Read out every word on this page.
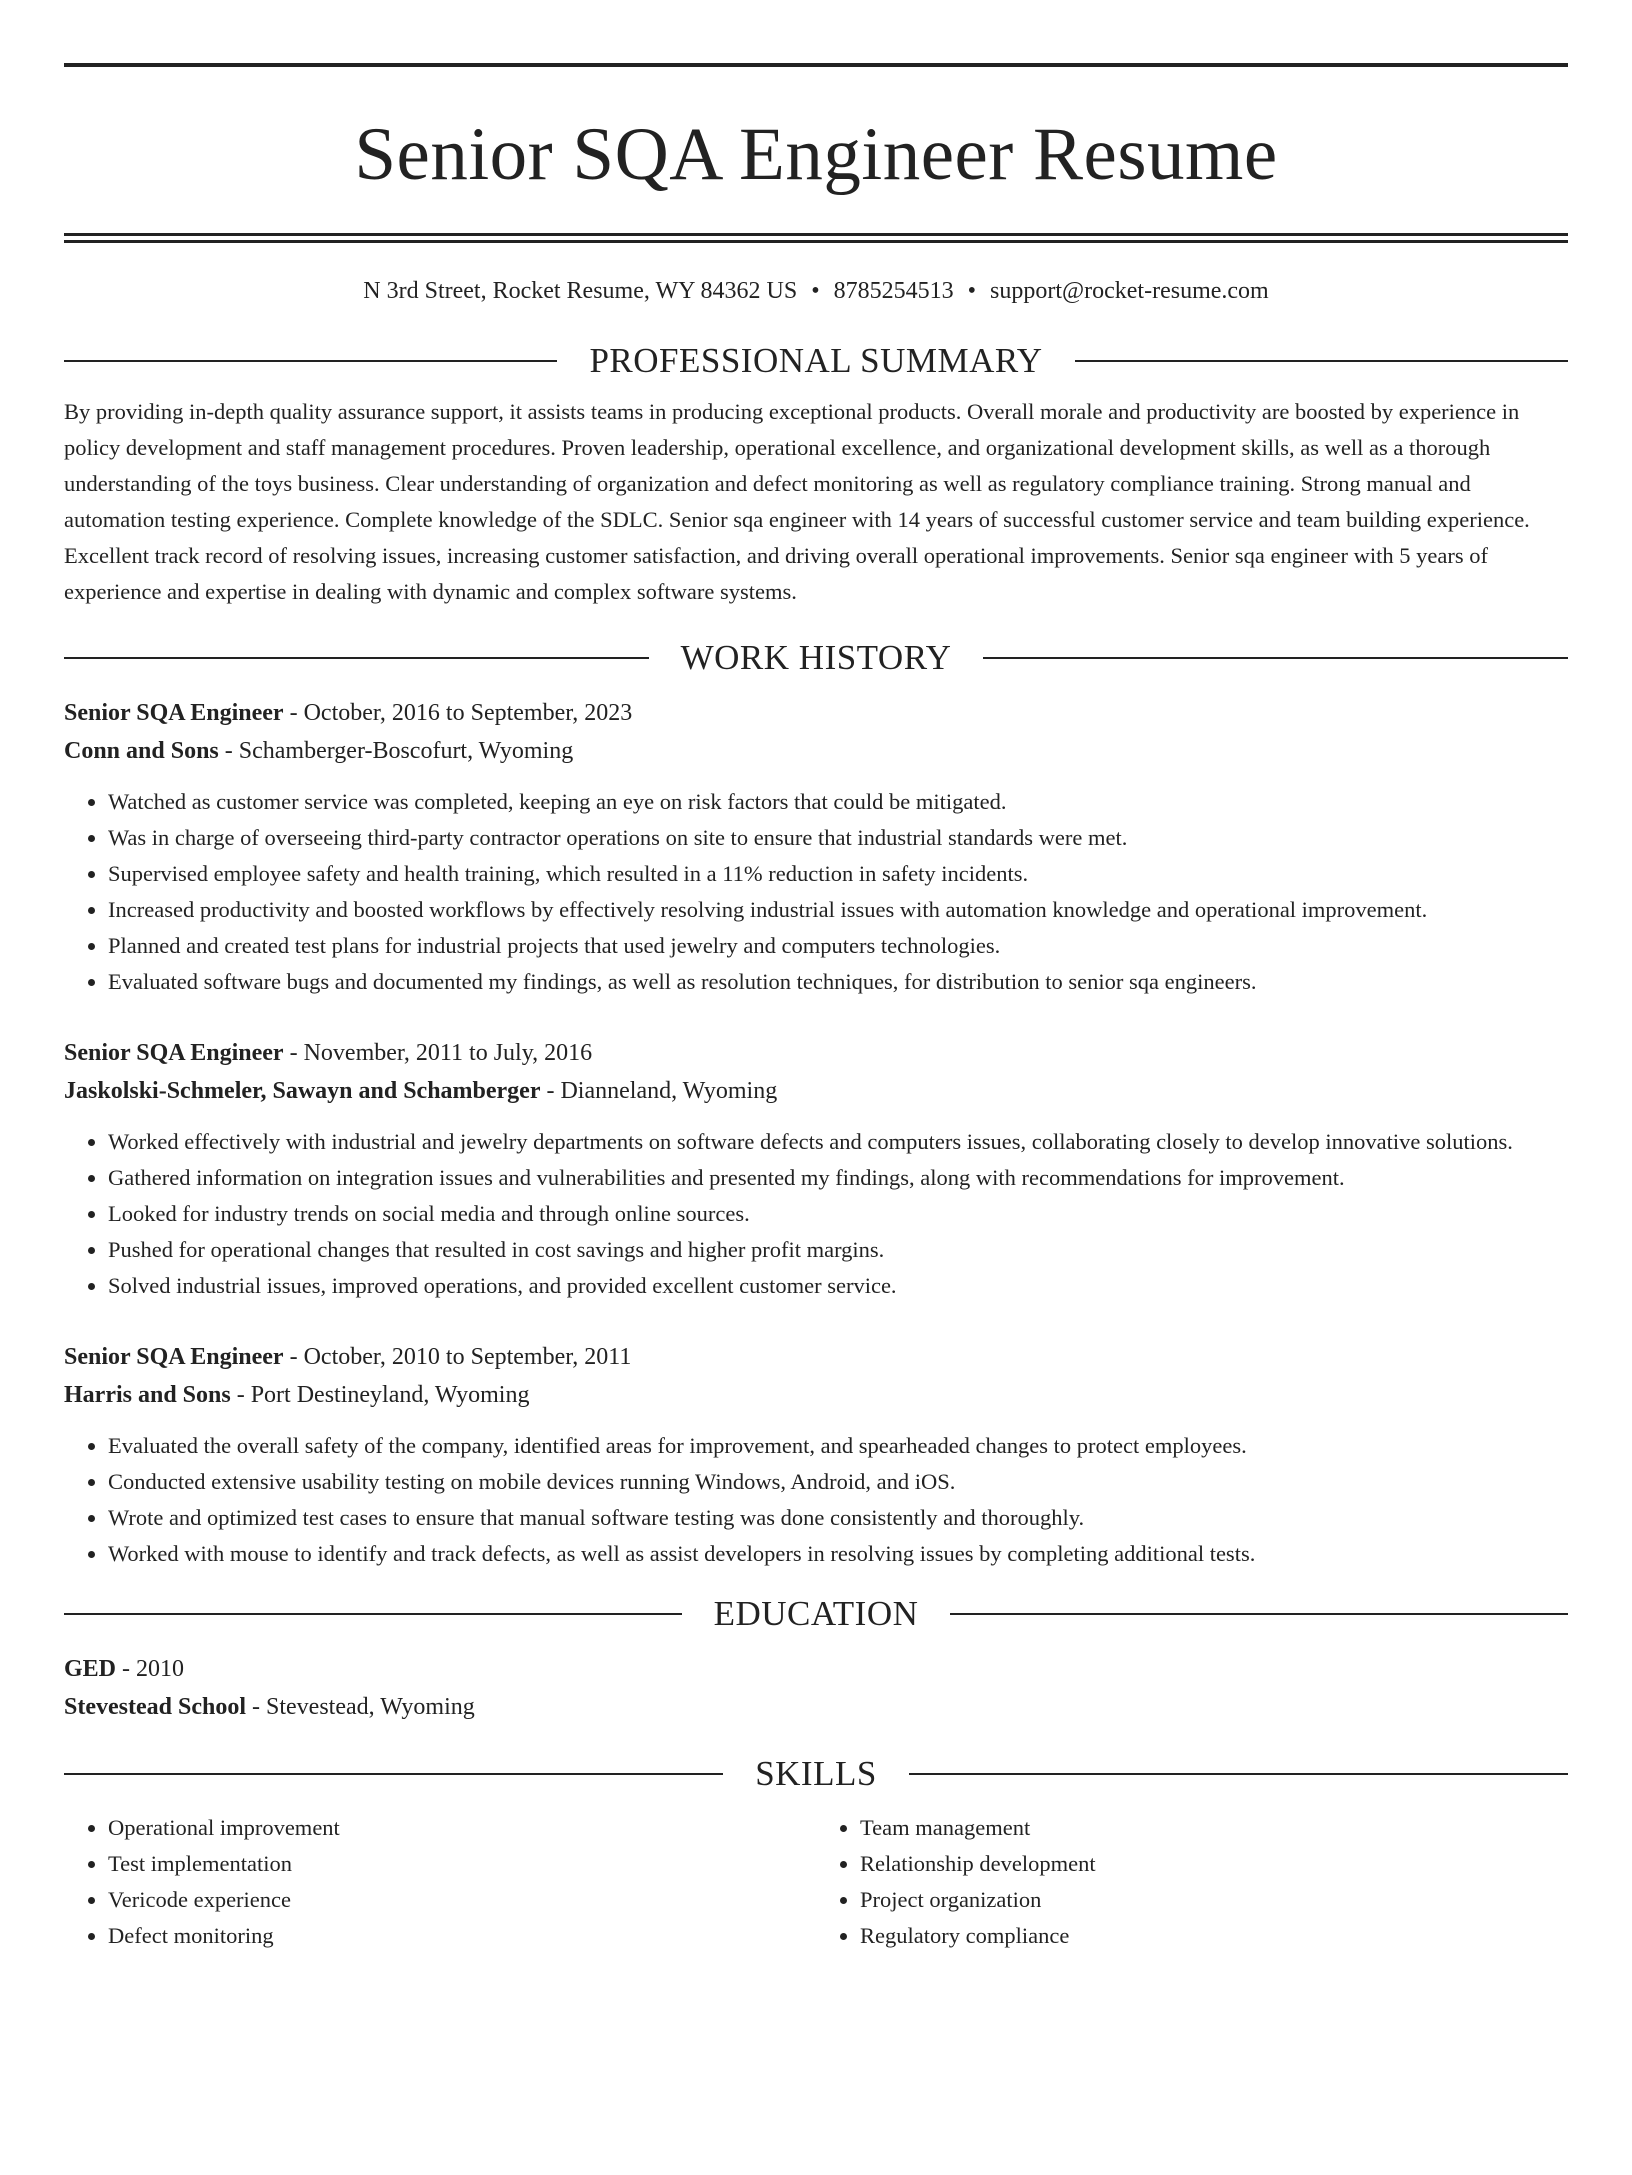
Senior SQA Engineer Resume
N 3rd Street, Rocket Resume, WY 84362 US • 8785254513 • support@rocket-resume.com
PROFESSIONAL SUMMARY

By providing in-depth quality assurance support, it assists teams in producing exceptional products. Overall morale and productivity are boosted by experience in policy development and staff management procedures. Proven leadership, operational excellence, and organizational development skills, as well as a thorough understanding of the toys business. Clear understanding of organization and defect monitoring as well as regulatory compliance training. Strong manual and automation testing experience. Complete knowledge of the SDLC. Senior sqa engineer with 14 years of successful customer service and team building experience. Excellent track record of resolving issues, increasing customer satisfaction, and driving overall operational improvements. Senior sqa engineer with 5 years of experience and expertise in dealing with dynamic and complex software systems.

WORK HISTORY
Senior SQA Engineer - October, 2016 to September, 2023
Conn and Sons - Schamberger-Boscofurt, Wyoming
• Watched as customer service was completed, keeping an eye on risk factors that could be mitigated.
• Was in charge of overseeing third-party contractor operations on site to ensure that industrial standards were met.
• Supervised employee safety and health training, which resulted in a 11% reduction in safety incidents.
• Increased productivity and boosted workflows by effectively resolving industrial issues with automation knowledge and operational improvement.
• Planned and created test plans for industrial projects that used jewelry and computers technologies.
• Evaluated software bugs and documented my findings, as well as resolution techniques, for distribution to senior sqa engineers.
Senior SQA Engineer - November, 2011 to July, 2016
Jaskolski-Schmeler, Sawayn and Schamberger - Dianneland, Wyoming
• Worked effectively with industrial and jewelry departments on software defects and computers issues, collaborating closely to develop innovative solutions.
• Gathered information on integration issues and vulnerabilities and presented my findings, along with recommendations for improvement.
• Looked for industry trends on social media and through online sources.
• Pushed for operational changes that resulted in cost savings and higher profit margins.
• Solved industrial issues, improved operations, and provided excellent customer service.
Senior SQA Engineer - October, 2010 to September, 2011
Harris and Sons - Port Destineyland, Wyoming
• Evaluated the overall safety of the company, identified areas for improvement, and spearheaded changes to protect employees.
• Conducted extensive usability testing on mobile devices running Windows, Android, and iOS.
• Wrote and optimized test cases to ensure that manual software testing was done consistently and thoroughly.
• Worked with mouse to identify and track defects, as well as assist developers in resolving issues by completing additional tests.
EDUCATION
GED - 2010
Stevestead School - Stevestead, Wyoming
SKILLS
• Operational improvement
• Test implementation
• Vericode experience
• Defect monitoring
• Team management
• Relationship development
• Project organization
• Regulatory compliance
